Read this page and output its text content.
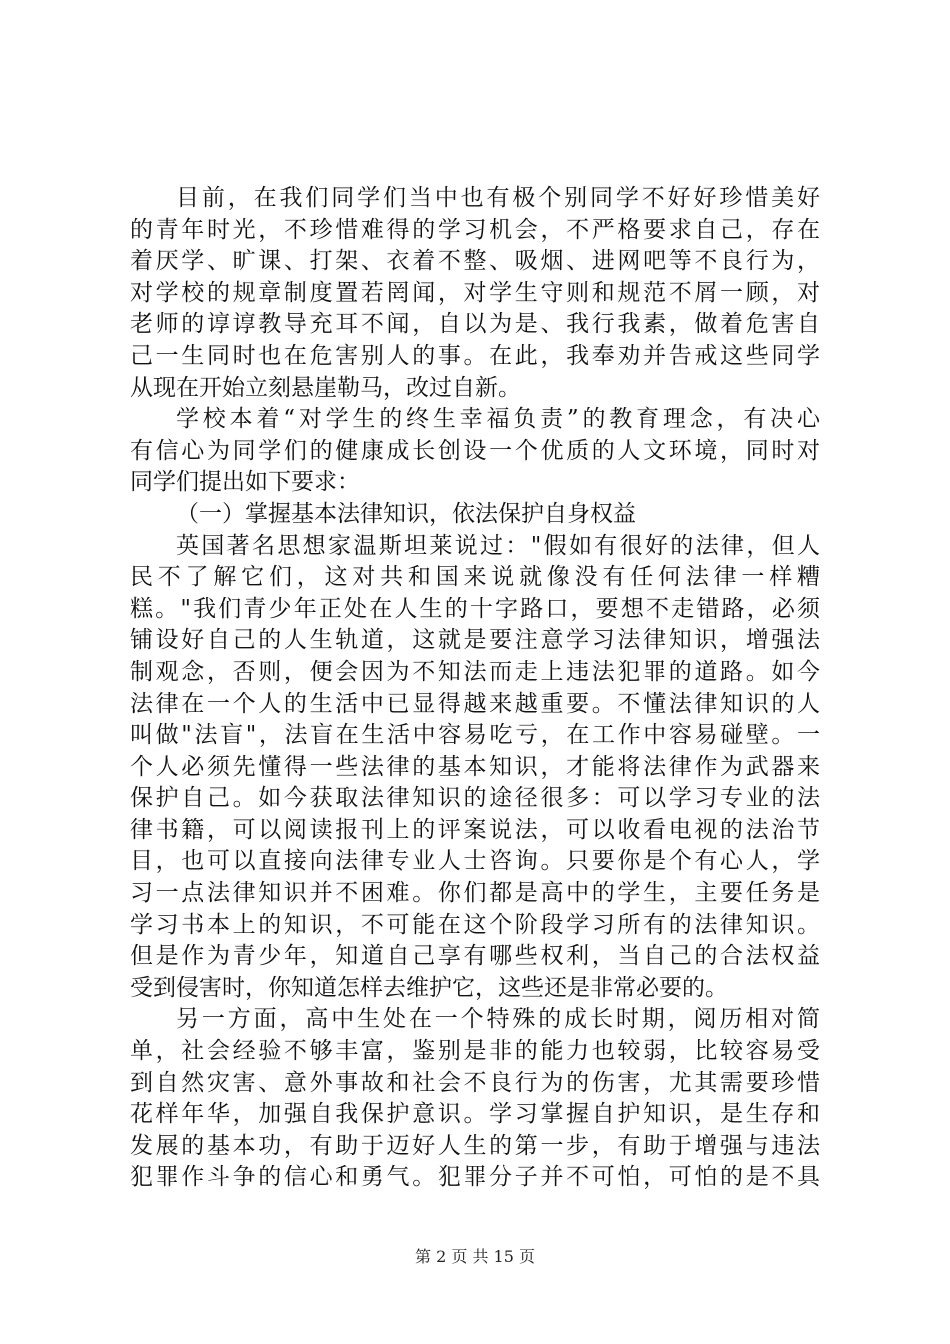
目前，在我们同学们当中也有极个别同学不好好珍惜美好
的青年时光，不珍惜难得的学习机会，不严格要求自己，存在
着厌学、旷课、打架、衣着不整、吸烟、进网吧等不良行为，
对学校的规章制度置若罔闻，对学生守则和规范不屑一顾，对
老师的谆谆教导充耳不闻，自以为是、我行我素，做着危害自
己一生同时也在危害别人的事。在此，我奉劝并告戒这些同学
从现在开始立刻悬崖勒马，改过自新。
学校本着“对学生的终生幸福负责”的教育理念，有决心
有信心为同学们的健康成长创设一个优质的人文环境，同时对
同学们提出如下要求：
（一）掌握基本法律知识，依法保护自身权益
英国著名思想家温斯坦莱说过："假如有很好的法律，但人
民不了解它们，这对共和国来说就像没有任何法律一样糟
糕。"我们青少年正处在人生的十字路口，要想不走错路，必须
铺设好自己的人生轨道，这就是要注意学习法律知识，增强法
制观念，否则，便会因为不知法而走上违法犯罪的道路。如今
法律在一个人的生活中已显得越来越重要。不懂法律知识的人
叫做"法盲"，法盲在生活中容易吃亏，在工作中容易碰壁。一
个人必须先懂得一些法律的基本知识，才能将法律作为武器来
保护自己。如今获取法律知识的途径很多：可以学习专业的法
律书籍，可以阅读报刊上的评案说法，可以收看电视的法治节
目，也可以直接向法律专业人士咨询。只要你是个有心人，学
习一点法律知识并不困难。你们都是高中的学生，主要任务是
学习书本上的知识，不可能在这个阶段学习所有的法律知识。
但是作为青少年，知道自己享有哪些权利，当自己的合法权益
受到侵害时，你知道怎样去维护它，这些还是非常必要的。
另一方面，高中生处在一个特殊的成长时期，阅历相对简
单，社会经验不够丰富，鉴别是非的能力也较弱，比较容易受
到自然灾害、意外事故和社会不良行为的伤害，尤其需要珍惜
花样年华，加强自我保护意识。学习掌握自护知识，是生存和
发展的基本功，有助于迈好人生的第一步，有助于增强与违法
犯罪作斗争的信心和勇气。犯罪分子并不可怕，可怕的是不具
第 2 页 共 15 页
